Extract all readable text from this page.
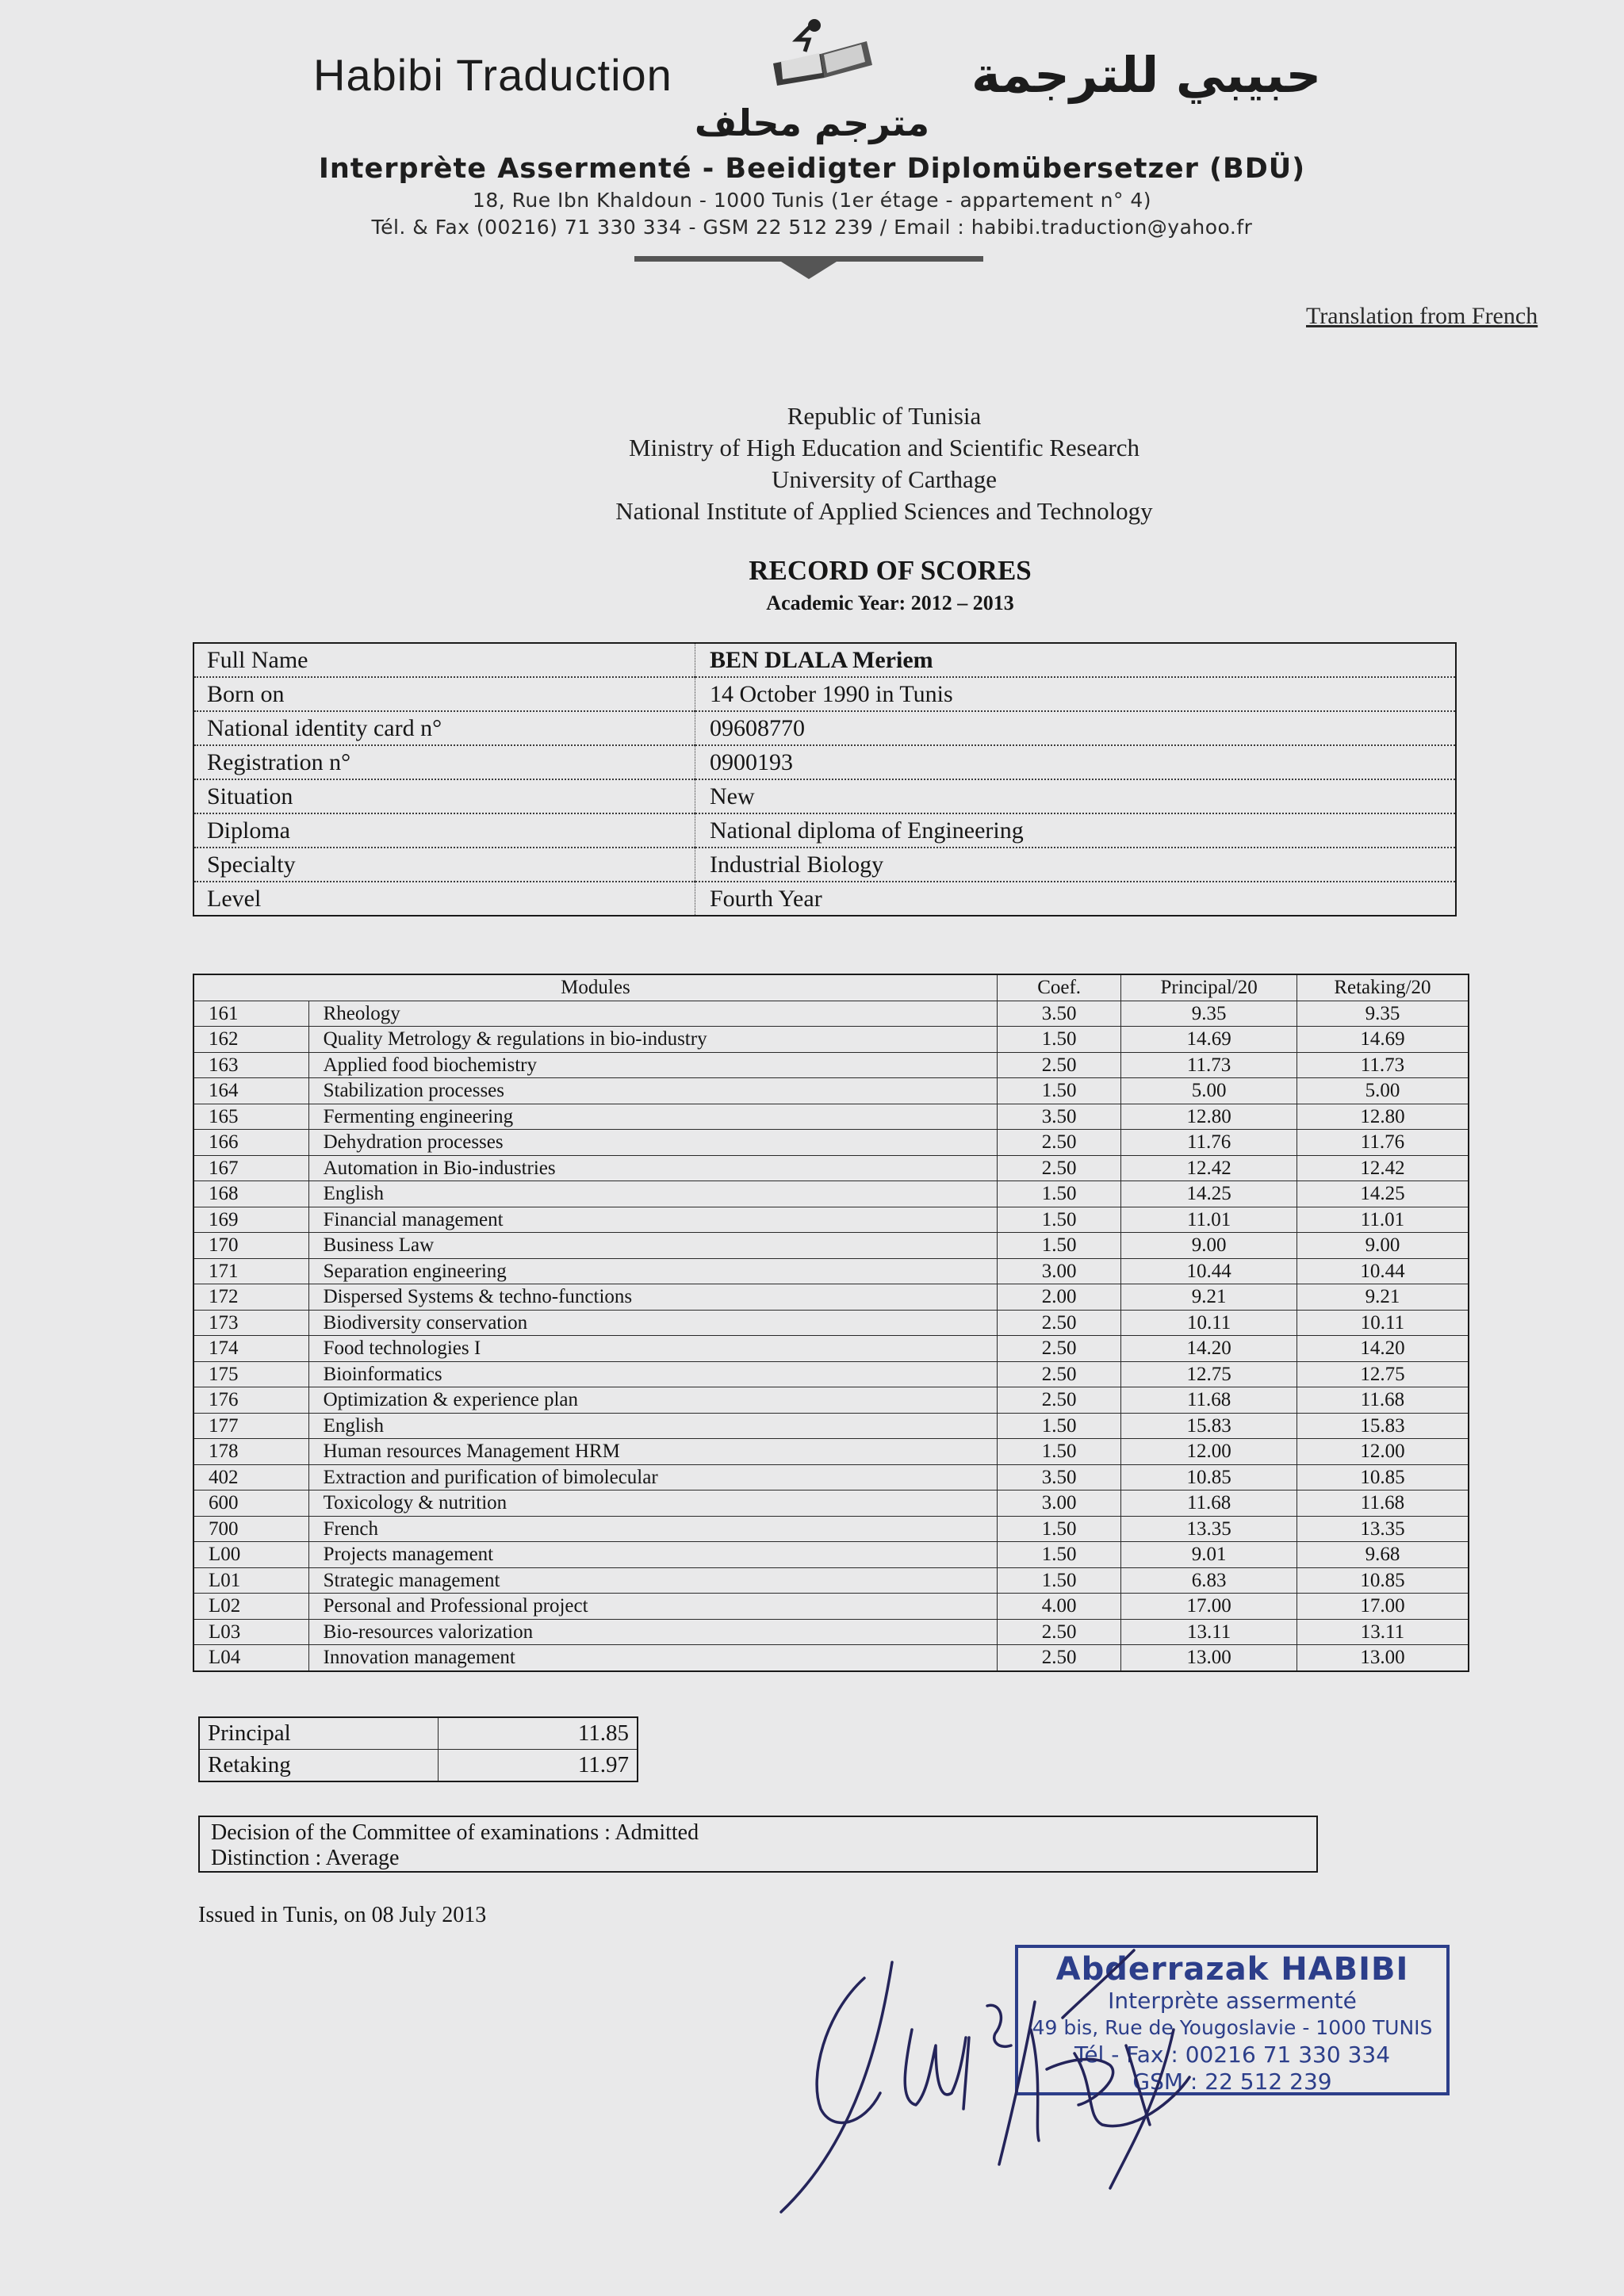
Habibi Traduction	حبيبي للترجمة
مترجم محلف
Interprète Assermenté - Beeidigter Diplomübersetzer (BDÜ)
18, Rue Ibn Khaldoun - 1000 Tunis (1er étage - appartement n° 4)
Tél. & Fax (00216) 71 330 334 - GSM 22 512 239 / Email : habibi.traduction@yahoo.fr
Translation from French
Republic of Tunisia
Ministry of High Education and Scientific Research
University of Carthage
National Institute of Applied Sciences and Technology
RECORD OF SCORES
Academic Year: 2012 – 2013
Full Name	BEN DLALA Meriem
Born on	14 October 1990 in Tunis
National identity card n°	09608770
Registration n°	0900193
Situation	New
Diploma	National diploma of Engineering
Specialty	Industrial Biology
Level	Fourth Year
Modules		Coef.	Principal/20	Retaking/20
161	Rheology	3.50	9.35	9.35
162	Quality Metrology & regulations in bio-industry	1.50	14.69	14.69
163	Applied food biochemistry	2.50	11.73	11.73
164	Stabilization processes	1.50	5.00	5.00
165	Fermenting engineering	3.50	12.80	12.80
166	Dehydration processes	2.50	11.76	11.76
167	Automation in Bio-industries	2.50	12.42	12.42
168	English	1.50	14.25	14.25
169	Financial management	1.50	11.01	11.01
170	Business Law	1.50	9.00	9.00
171	Separation engineering	3.00	10.44	10.44
172	Dispersed Systems & techno-functions	2.00	9.21	9.21
173	Biodiversity conservation	2.50	10.11	10.11
174	Food technologies I	2.50	14.20	14.20
175	Bioinformatics	2.50	12.75	12.75
176	Optimization & experience plan	2.50	11.68	11.68
177	English	1.50	15.83	15.83
178	Human resources Management HRM	1.50	12.00	12.00
402	Extraction and purification of bimolecular	3.50	10.85	10.85
600	Toxicology & nutrition	3.00	11.68	11.68
700	French	1.50	13.35	13.35
L00	Projects management	1.50	9.01	9.68
L01	Strategic management	1.50	6.83	10.85
L02	Personal and Professional project	4.00	17.00	17.00
L03	Bio-resources valorization	2.50	13.11	13.11
L04	Innovation management	2.50	13.00	13.00
Principal	11.85
Retaking	11.97
Decision of the Committee of examinations : Admitted
Distinction : Average
Issued in Tunis, on 08 July 2013
Abderrazak HABIBI
Interprète assermenté
49 bis, Rue de Yougoslavie - 1000 TUNIS
Tél - Fax : 00216 71 330 334
GSM : 22 512 239
